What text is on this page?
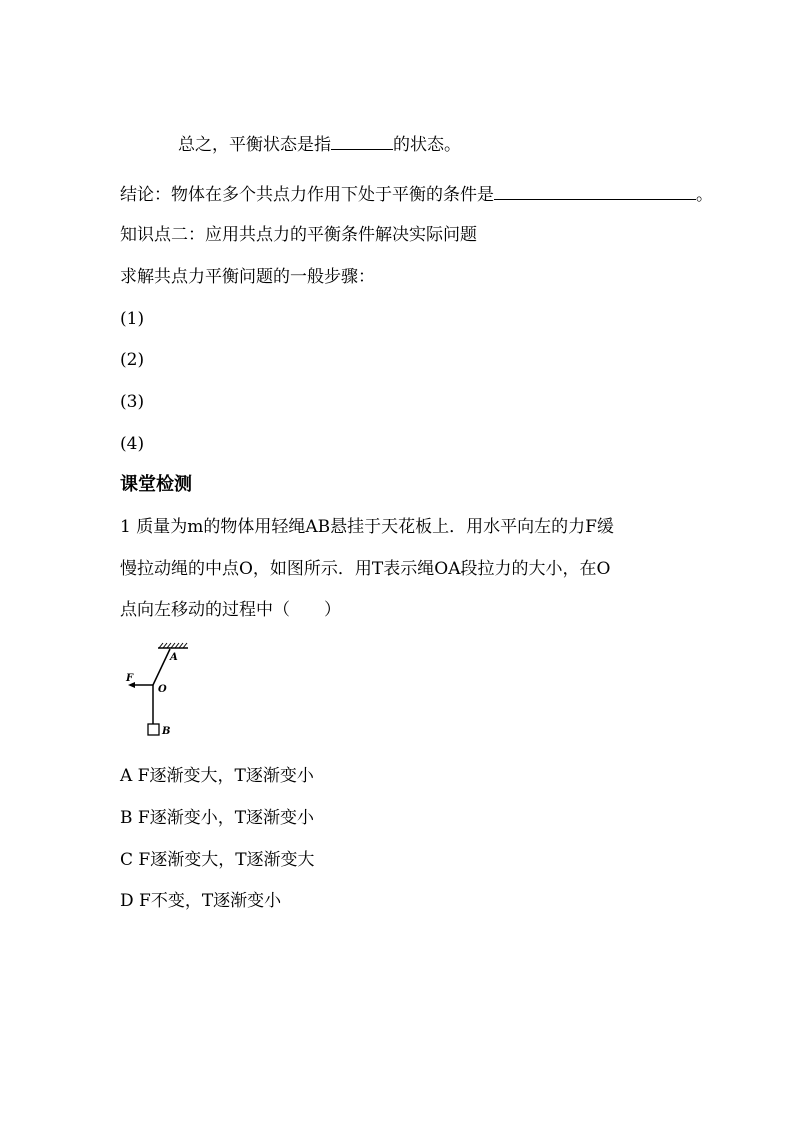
总之，平衡状态是指	的状态。
结论：物体在多个共点力作用下处于平衡的条件是	。
知识点二：应用共点力的平衡条件解决实际问题
求解共点力平衡问题的一般步骤：
(1)
(2)
(3)
(4)
课堂检测
1 质量为m的物体用轻绳AB悬挂于天花板上．用水平向左的力F缓
慢拉动绳的中点O，如图所示．用T表示绳OA段拉力的大小，在O
点向左移动的过程中（　　）
A
O
F
B
A F逐渐变大，T逐渐变小
B F逐渐变小，T逐渐变小
C F逐渐变大，T逐渐变大
D F不变，T逐渐变小
